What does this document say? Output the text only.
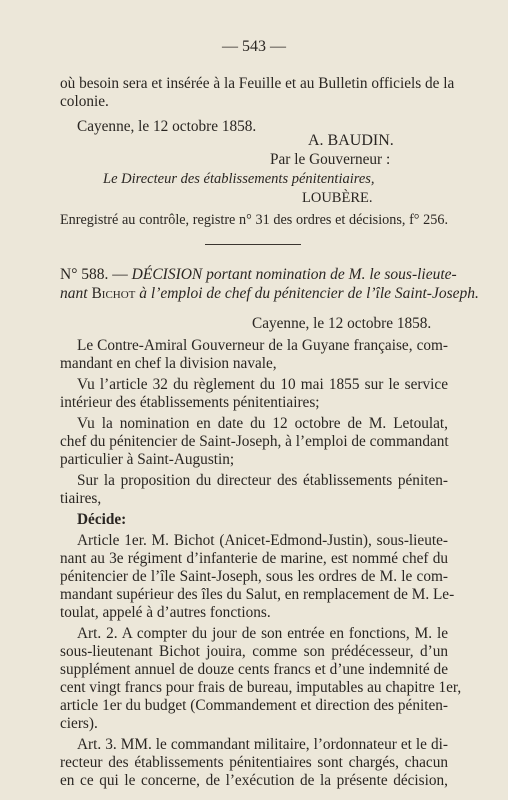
— 543 —
où besoin sera et insérée à la Feuille et au Bulletin officiels de la
colonie.
Cayenne, le 12 octobre 1858.
A. BAUDIN.
Par le Gouverneur :
Le Directeur des établissements pénitentiaires,
LOUBÈRE.
Enregistré au contrôle, registre n° 31 des ordres et décisions, f° 256.
N° 588. — DÉCISION portant nomination de M. le sous-lieute-
nant Bichot à l’emploi de chef du pénitencier de l’île Saint-Joseph.
Cayenne, le 12 octobre 1858.
Le Contre-Amiral Gouverneur de la Guyane française, com-
mandant en chef la division navale,
Vu l’article 32 du règlement du 10 mai 1855 sur le service
intérieur des établissements pénitentiaires;
Vu la nomination en date du 12 octobre de M. Letoulat,
chef du pénitencier de Saint-Joseph, à l’emploi de commandant
particulier à Saint-Augustin;
Sur la proposition du directeur des établissements péniten-
tiaires,
Décide:
Article 1er. M. Bichot (Anicet-Edmond-Justin), sous-lieute-
nant au 3e régiment d’infanterie de marine, est nommé chef du
pénitencier de l’île Saint-Joseph, sous les ordres de M. le com-
mandant supérieur des îles du Salut, en remplacement de M. Le-
toulat, appelé à d’autres fonctions.
Art. 2. A compter du jour de son entrée en fonctions, M. le
sous-lieutenant Bichot jouira, comme son prédécesseur, d’un
supplément annuel de douze cents francs et d’une indemnité de
cent vingt francs pour frais de bureau, imputables au chapitre 1er,
article 1er du budget (Commandement et direction des péniten-
ciers).
Art. 3. MM. le commandant militaire, l’ordonnateur et le di-
recteur des établissements pénitentiaires sont chargés, chacun
en ce qui le concerne, de l’exécution de la présente décision,
